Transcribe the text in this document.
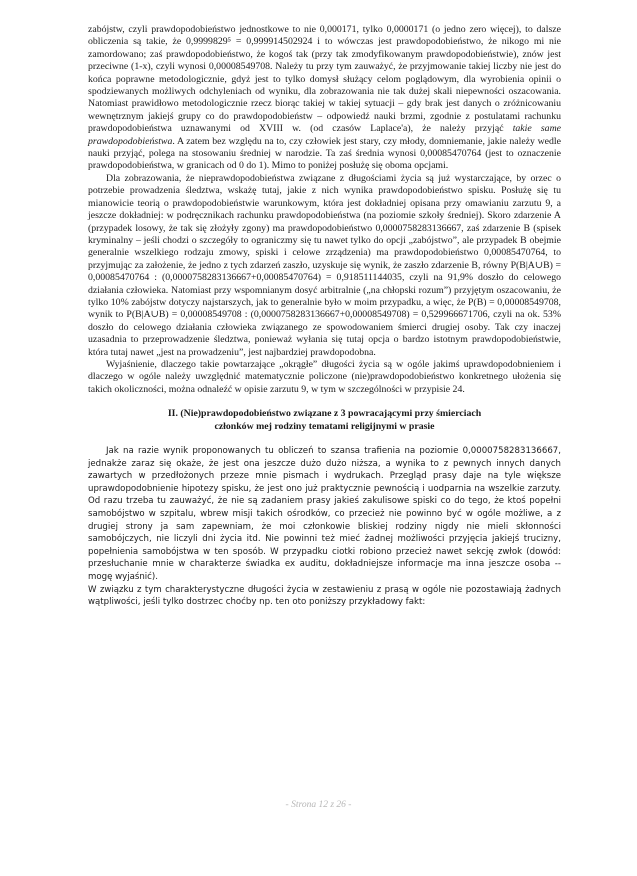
zabójstw, czyli prawdopodobieństwo jednostkowe to nie 0,000171, tylko 0,0000171 (o jedno zero więcej), to dalsze obliczenia są takie, że 0,9999829⁵ = 0,999914502924 i to wówczas jest prawdopodobieństwo, że nikogo mi nie zamordowano; zaś prawdopodobieństwo, że kogoś tak (przy tak zmodyfikowanym prawdopodobieństwie), znów jest przeciwne (1-x), czyli wynosi 0,00008549708. Należy tu przy tym zauważyć, że przyjmowanie takiej liczby nie jest do końca poprawne metodologicznie, gdyż jest to tylko domysł służący celom poglądowym, dla wyrobienia opinii o spodziewanych możliwych odchyleniach od wyniku, dla zobrazowania nie tak dużej skali niepewności oszacowania. Natomiast prawidłowo metodologicznie rzecz biorąc takiej w takiej sytuacji – gdy brak jest danych o zróżnicowaniu wewnętrznym jakiejś grupy co do prawdopodobieństw – odpowiedź nauki brzmi, zgodnie z postulatami rachunku prawdopodobieństwa uznawanymi od XVIII w. (od czasów Laplace'a), że należy przyjąć takie same prawdopodobieństwa. A zatem bez względu na to, czy człowiek jest stary, czy młody, domniemanie, jakie należy wedle nauki przyjąć, polega na stosowaniu średniej w narodzie. Ta zaś średnia wynosi 0,00085470764 (jest to oznaczenie prawdopodobieństwa, w granicach od 0 do 1). Mimo to poniżej posłużę się oboma opcjami.

Dla zobrazowania, że nieprawdopodobieństwa związane z długościami życia są już wystarczające, by orzec o potrzebie prowadzenia śledztwa, wskażę tutaj, jakie z nich wynika prawdopodobieństwo spisku. Posłużę się tu mianowicie teorią o prawdopodobieństwie warunkowym, która jest dokładniej opisana przy omawianiu zarzutu 9, a jeszcze dokładniej: w podręcznikach rachunku prawdopodobieństwa (na poziomie szkoły średniej). Skoro zdarzenie A (przypadek losowy, że tak się złożyły zgony) ma prawdopodobieństwo 0,0000758283136667, zaś zdarzenie B (spisek kryminalny – jeśli chodzi o szczegóły to ograniczmy się tu nawet tylko do opcji „zabójstwo”, ale przypadek B obejmie generalnie wszelkiego rodzaju zmowy, spiski i celowe zrządzenia) ma prawdopodobieństwo 0,00085470764, to przyjmując za założenie, że jedno z tych zdarzeń zaszło, uzyskuje się wynik, że zaszło zdarzenie B, równy P(B|A∪B) = 0,00085470764 : (0,0000758283136667+0,00085470764) = 0,918511144035, czyli na 91,9% doszło do celowego działania człowieka. Natomiast przy wspomnianym dosyć arbitralnie („na chłopski rozum”) przyjętym oszacowaniu, że tylko 10% zabójstw dotyczy najstarszych, jak to generalnie było w moim przypadku, a więc, że P(B) = 0,00008549708, wynik to P(B|A∪B) = 0,00008549708 : (0,0000758283136667+0,00008549708) = 0,529966671706, czyli na ok. 53% doszło do celowego działania człowieka związanego ze spowodowaniem śmierci drugiej osoby. Tak czy inaczej uzasadnia to przeprowadzenie śledztwa, ponieważ wyłania się tutaj opcja o bardzo istotnym prawdopodobieństwie, która tutaj nawet „jest na prowadzeniu”, jest najbardziej prawdopodobna.

Wyjaśnienie, dlaczego takie powtarzające „okrągłe” długości życia są w ogóle jakimś uprawdopodobnieniem i dlaczego w ogóle należy uwzględnić matematycznie policzone (nie)prawdopodobieństwo konkretnego ułożenia się takich okoliczności, można odnaleźć w opisie zarzutu 9, w tym w szczególności w przypisie 24.

II. (Nie)prawdopodobieństwo związane z 3 powracającymi przy śmierciach
członków mej rodziny tematami religijnymi w prasie

Jak na razie wynik proponowanych tu obliczeń to szansa trafienia na poziomie 0,0000758283136667, jednakże zaraz się okaże, że jest ona jeszcze dużo dużo niższa, a wynika to z pewnych innych danych zawartych w przedłożonych przeze mnie pismach i wydrukach. Przegląd prasy daje na tyle większe uprawdopodobnienie hipotezy spisku, że jest ono już praktycznie pewnością i uodparnia na wszelkie zarzuty. Od razu trzeba tu zauważyć, że nie są zadaniem prasy jakieś zakulisowe spiski co do tego, że ktoś popełni samobójstwo w szpitalu, wbrew misji takich ośrodków, co przecież nie powinno być w ogóle możliwe, a z drugiej strony ja sam zapewniam, że moi członkowie bliskiej rodziny nigdy nie mieli skłonności samobójczych, nie liczyli dni życia itd. Nie powinni też mieć żadnej możliwości przyjęcia jakiejś trucizny, popełnienia samobójstwa w ten sposób. W przypadku ciotki robiono przecież nawet sekcję zwłok (dowód: przesłuchanie mnie w charakterze świadka ex auditu, dokładniejsze informacje ma inna jeszcze osoba -- mogę wyjaśnić).

W związku z tym charakterystyczne długości życia w zestawieniu z prasą w ogóle nie pozostawiają żadnych wątpliwości, jeśli tylko dostrzec choćby np. ten oto poniższy przykładowy fakt:

- Strona 12 z 26 -
